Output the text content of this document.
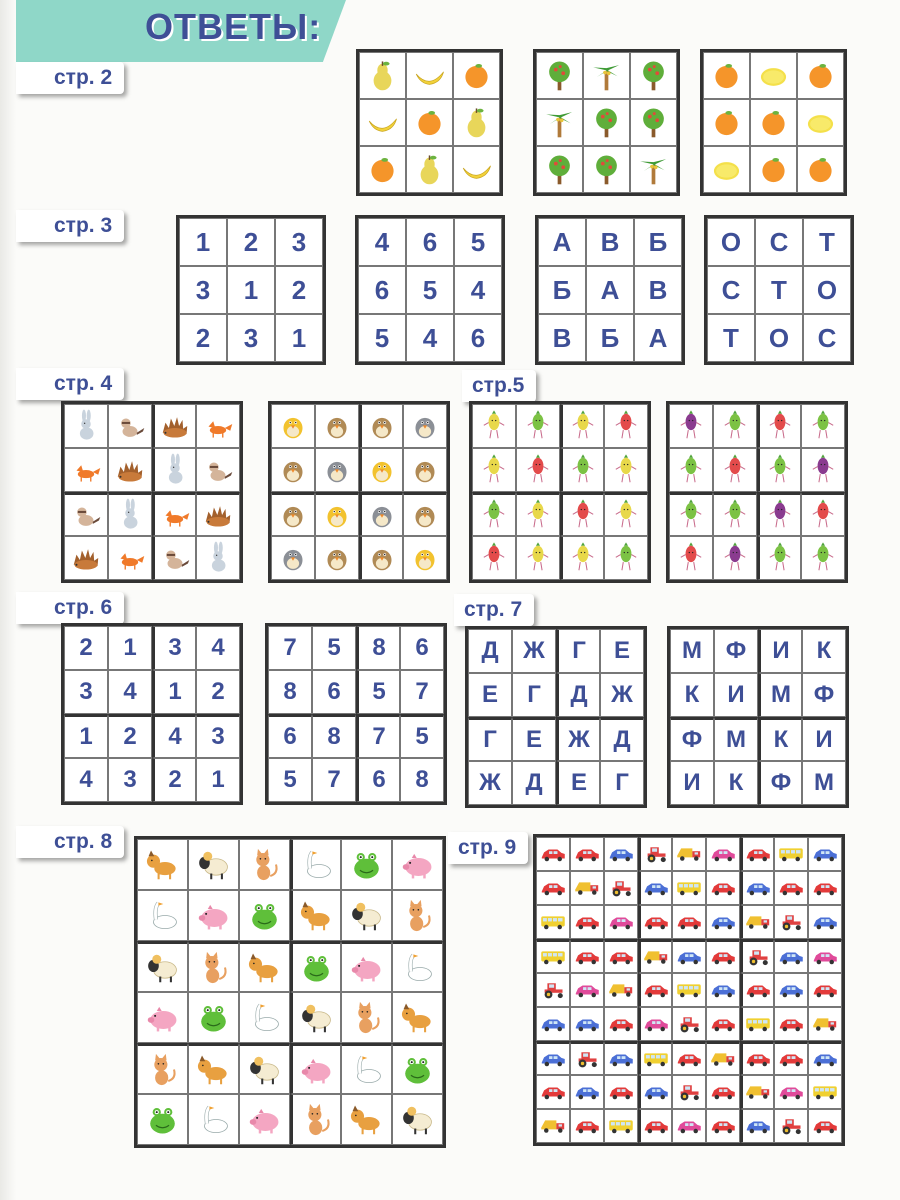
ОТВЕТЫ:
стр. 2
стр. 3
стр. 4	стр.5
стр. 6	стр. 7
стр. 8	стр. 9
1	2	3
3	1	2
2	3	1
4	6	5
6	5	4
5	4	6
А	В	Б
Б	А	В
В	Б	А
О	С	Т
С	Т	О
Т	О	С
2	1	3	4
3	4	1	2
1	2	4	3
4	3	2	1
7	5	8	6
8	6	5	7
6	8	7	5
5	7	6	8
Д	Ж	Г	Е
Е	Г	Д Ж
Г	Е	Ж Д
Ж	Д	Е	Г
М Ф	И	К
К	И	М Ф
Ф М	К	И
И	К	Ф М
